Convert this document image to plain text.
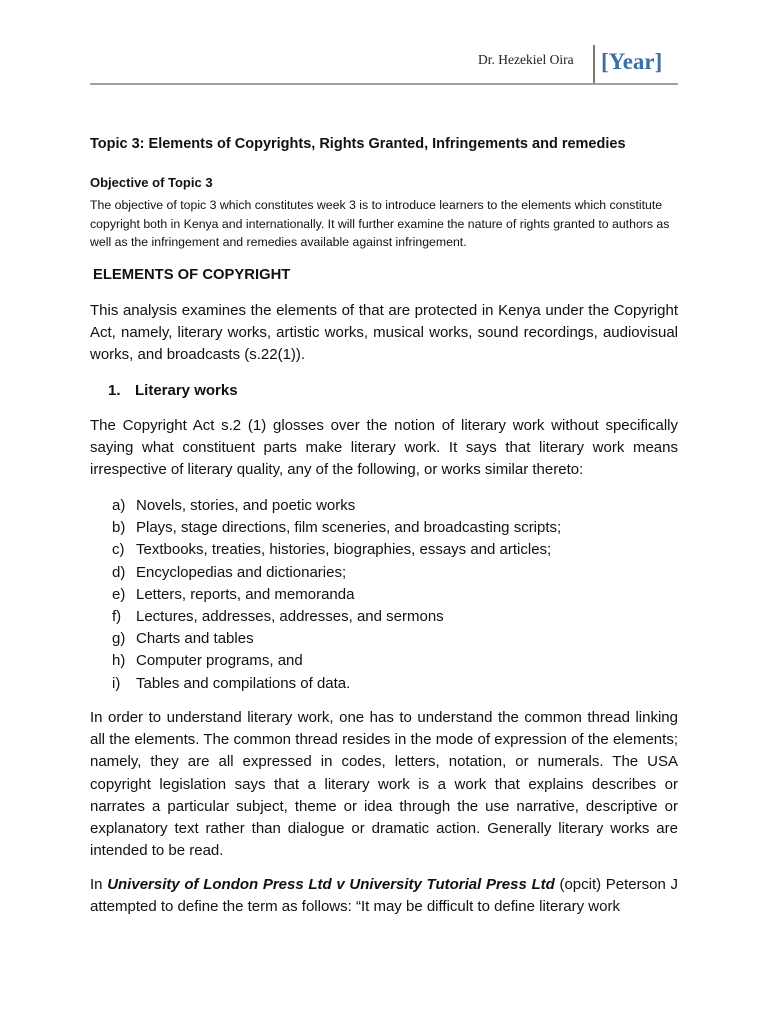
Dr. Hezekiel Oira [Year]
Topic 3: Elements of Copyrights, Rights Granted, Infringements and remedies
Objective of Topic 3
The objective of topic 3 which constitutes week 3 is to introduce learners to the elements which constitute copyright both in Kenya and internationally. It will further examine the nature of rights granted to authors as well as the infringement and remedies available against infringement.
ELEMENTS OF COPYRIGHT
This analysis examines the elements of that are protected in Kenya under the Copyright Act, namely, literary works, artistic works, musical works, sound recordings, audiovisual works, and broadcasts (s.22(1)).
1. Literary works
The Copyright Act s.2 (1) glosses over the notion of literary work without specifically saying what constituent parts make literary work. It says that literary work means irrespective of literary quality, any of the following, or works similar thereto:
a) Novels, stories, and poetic works
b) Plays, stage directions, film sceneries, and broadcasting scripts;
c) Textbooks, treaties, histories, biographies, essays and articles;
d) Encyclopedias and dictionaries;
e) Letters, reports, and memoranda
f) Lectures, addresses, addresses, and sermons
g) Charts and tables
h) Computer programs, and
i) Tables and compilations of data.
In order to understand literary work, one has to understand the common thread linking all the elements. The common thread resides in the mode of expression of the elements; namely, they are all expressed in codes, letters, notation, or numerals. The USA copyright legislation says that a literary work is a work that explains describes or narrates a particular subject, theme or idea through the use narrative, descriptive or explanatory text rather than dialogue or dramatic action. Generally literary works are intended to be read.
In University of London Press Ltd v University Tutorial Press Ltd (opcit) Peterson J attempted to define the term as follows: “It may be difficult to define literary work
